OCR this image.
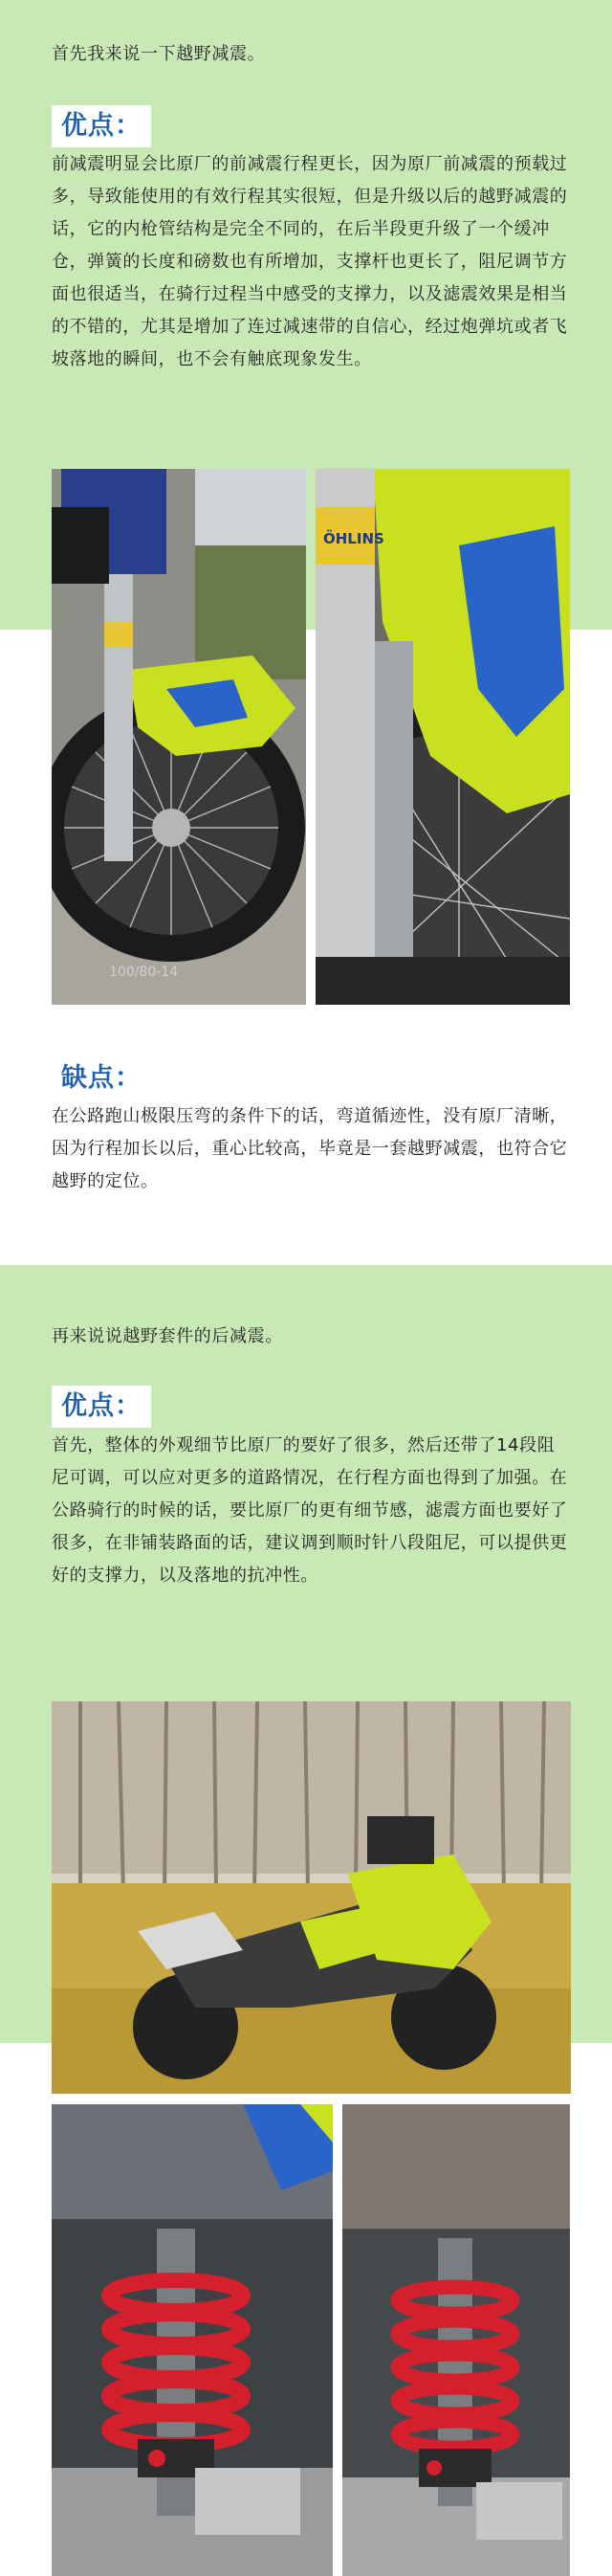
首先我来说一下越野减震。

优点：

前减震明显会比原厂的前减震行程更长，因为原厂前减震的预载过多，导致能使用的有效行程其实很短，但是升级以后的越野减震的话，它的内枪管结构是完全不同的，在后半段更升级了一个缓冲仓，弹簧的长度和磅数也有所增加，支撑杆也更长了，阻尼调节方面也很适当，在骑行过程当中感受的支撑力，以及滤震效果是相当的不错的，尤其是增加了连过减速带的自信心，经过炮弹坑或者飞坡落地的瞬间，也不会有触底现象发生。

100/80-14
ÖHLINS
缺点：

在公路跑山极限压弯的条件下的话，弯道循迹性，没有原厂清晰，因为行程加长以后，重心比较高，毕竟是一套越野减震，也符合它越野的定位。

再来说说越野套件的后减震。

优点：

首先，整体的外观细节比原厂的要好了很多，然后还带了14段阻尼可调，可以应对更多的道路情况，在行程方面也得到了加强。在公路骑行的时候的话，要比原厂的更有细节感，滤震方面也要好了很多，在非铺装路面的话，建议调到顺时针八段阻尼，可以提供更好的支撑力，以及落地的抗冲性。
